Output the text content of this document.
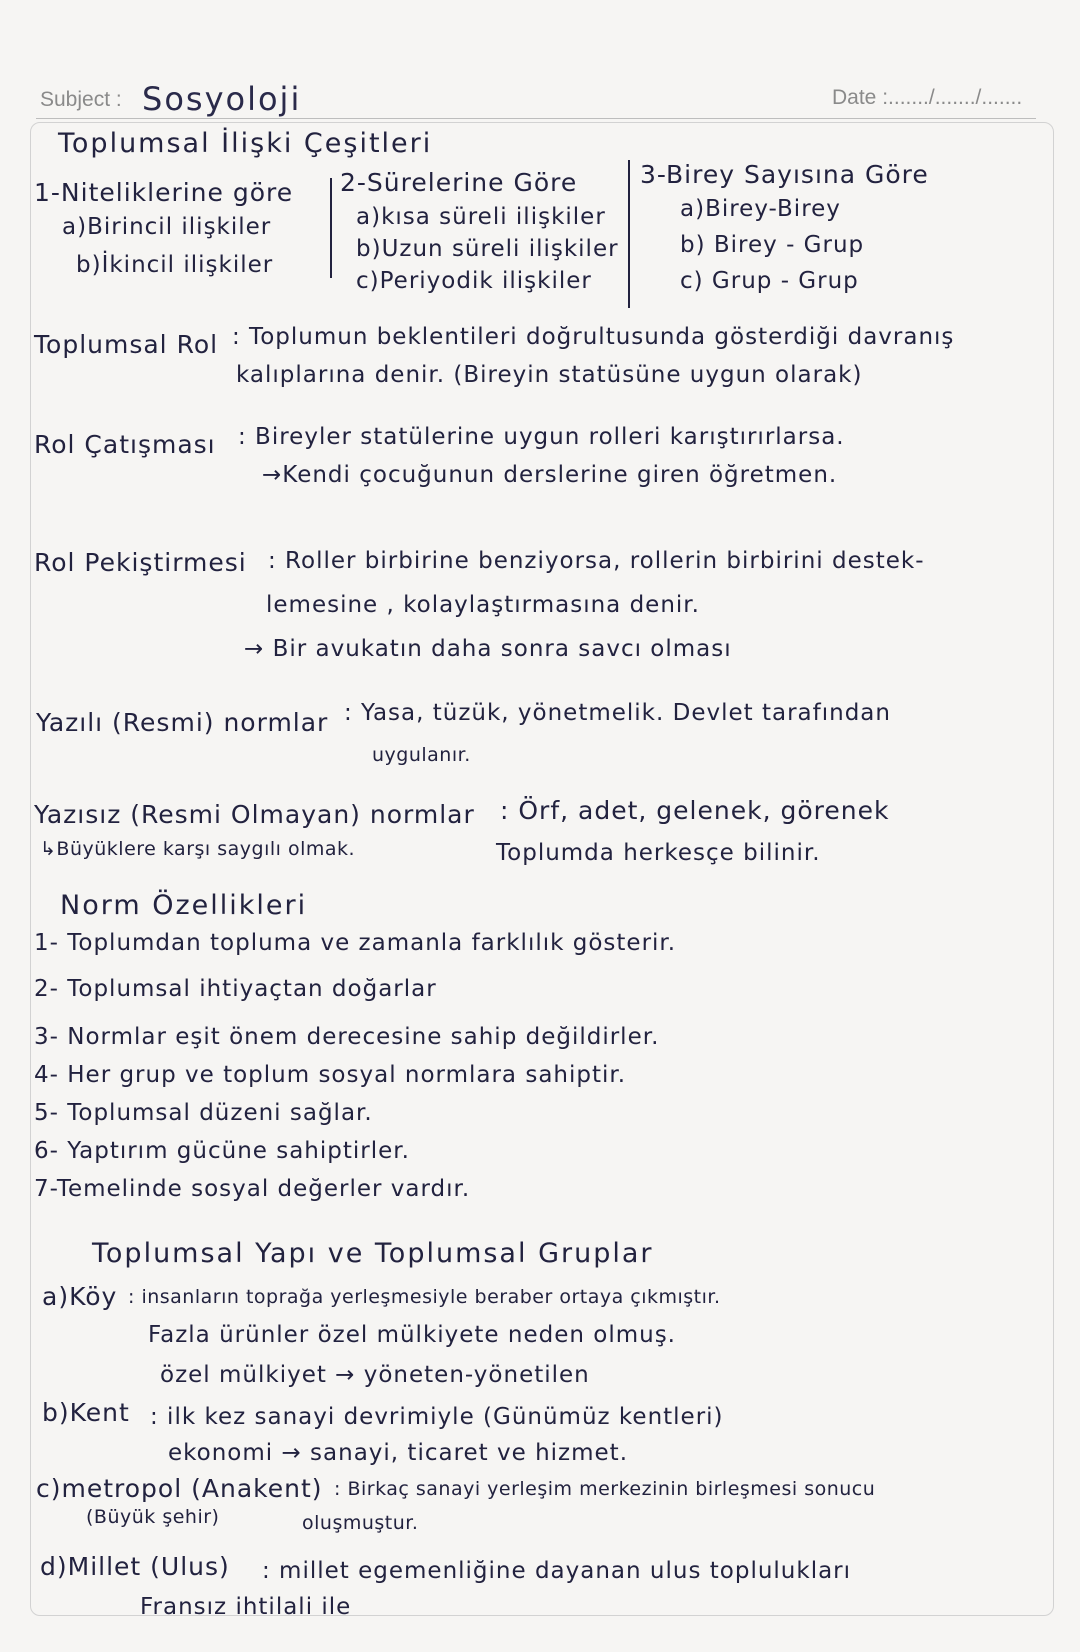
Subject : Sosyoloji	Date :......./......./.......
Toplumsal İlişki Çeşitleri
1-Niteliklerine göre
a)Birincil ilişkiler
b)İkincil ilişkiler
2-Sürelerine Göre
a)kısa süreli ilişkiler
b)Uzun süreli ilişkiler
c)Periyodik ilişkiler
3-Birey Sayısına Göre
a)Birey-Birey
b) Birey - Grup
c) Grup - Grup
Toplumsal Rol : Toplumun beklentileri doğrultusunda gösterdiği davranış
kalıplarına denir. (Bireyin statüsüne uygun olarak)
Rol Çatışması : Bireyler statülerine uygun rolleri karıştırırlarsa.
→Kendi çocuğunun derslerine giren öğretmen.
Rol Pekiştirmesi : Roller birbirine benziyorsa, rollerin birbirini destek-
lemesine , kolaylaştırmasına denir.
→ Bir avukatın daha sonra savcı olması
Yazılı (Resmi) normlar : Yasa, tüzük, yönetmelik. Devlet tarafından
uygulanır.
Yazısız (Resmi Olmayan) normlar : Örf, adet, gelenek, görenek
↳Büyüklere karşı saygılı olmak.	Toplumda herkesçe bilinir.
Norm Özellikleri
1- Toplumdan topluma ve zamanla farklılık gösterir.
2- Toplumsal ihtiyaçtan doğarlar
3- Normlar eşit önem derecesine sahip değildirler.
4- Her grup ve toplum sosyal normlara sahiptir.
5- Toplumsal düzeni sağlar.
6- Yaptırım gücüne sahiptirler.
7-Temelinde sosyal değerler vardır.
Toplumsal Yapı ve Toplumsal Gruplar
a)Köy : insanların toprağa yerleşmesiyle beraber ortaya çıkmıştır.
Fazla ürünler özel mülkiyete neden olmuş.
özel mülkiyet → yöneten-yönetilen
b)Kent : ilk kez sanayi devrimiyle (Günümüz kentleri)
ekonomi → sanayi, ticaret ve hizmet.
c)metropol (Anakent) : Birkaç sanayi yerleşim merkezinin birleşmesi sonucu
(Büyük şehir)	oluşmuştur.
d)Millet (Ulus) : millet egemenliğine dayanan ulus toplulukları
Fransız ihtilali ile
